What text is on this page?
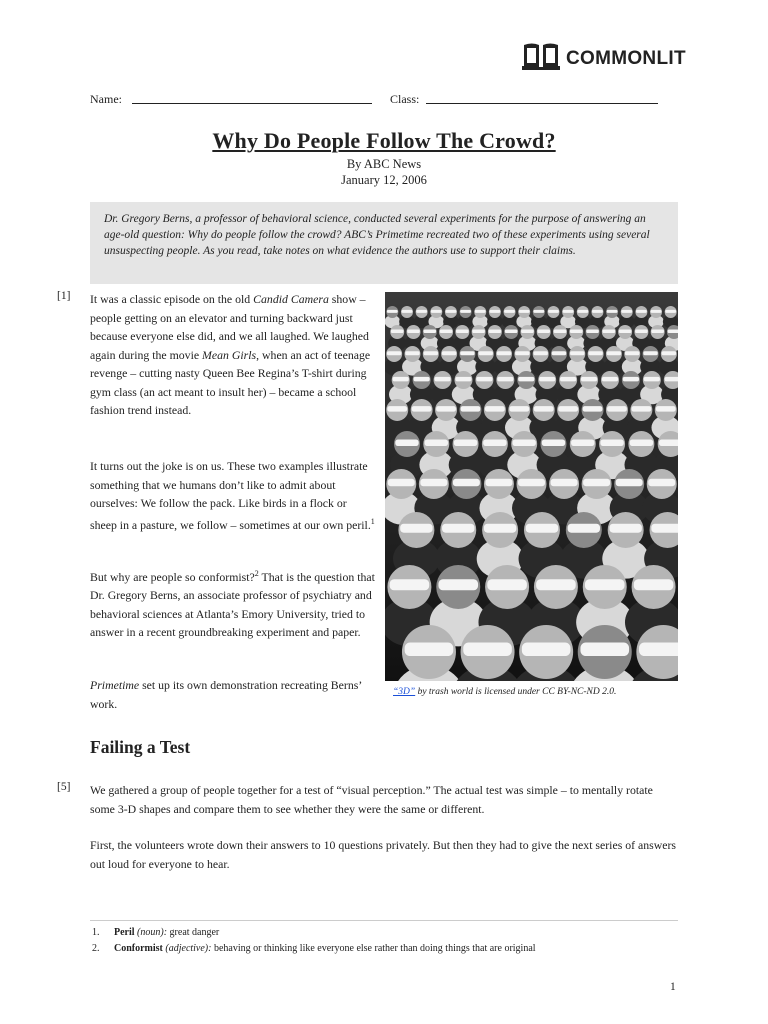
COMMONLIT
Name:	Class:
Why Do People Follow The Crowd?
By ABC News
January 12, 2006
Dr. Gregory Berns, a professor of behavioral science, conducted several experiments for the purpose of answering an age-old question: Why do people follow the crowd? ABC’s Primetime recreated two of these experiments using several unsuspecting people. As you read, take notes on what evidence the authors use to support their claims.
[1] It was a classic episode on the old Candid Camera show – people getting on an elevator and turning backward just because everyone else did, and we all laughed. We laughed again during the movie Mean Girls, when an act of teenage revenge – cutting nasty Queen Bee Regina’s T-shirt during gym class (an act meant to insult her) – became a school fashion trend instead.
It turns out the joke is on us. These two examples illustrate something that we humans don’t like to admit about ourselves: We follow the pack. Like birds in a flock or sheep in a pasture, we follow – sometimes at our own peril.$^1$
But why are people so conformist?$^2$ That is the question that Dr. Gregory Berns, an associate professor of psychiatry and behavioral sciences at Atlanta’s Emory University, tried to answer in a recent groundbreaking experiment and paper.
Primetime set up its own demonstration recreating Berns’ work.
“3D” by trash world is licensed under CC BY-NC-ND 2.0.
Failing a Test
[5] We gathered a group of people together for a test of “visual perception.” The actual test was simple – to mentally rotate some 3-D shapes and compare them to see whether they were the same or different.
First, the volunteers wrote down their answers to 10 questions privately. But then they had to give the next series of answers out loud for everyone to hear.
1. Peril (noun): great danger
2. Conformist (adjective): behaving or thinking like everyone else rather than doing things that are original
1
